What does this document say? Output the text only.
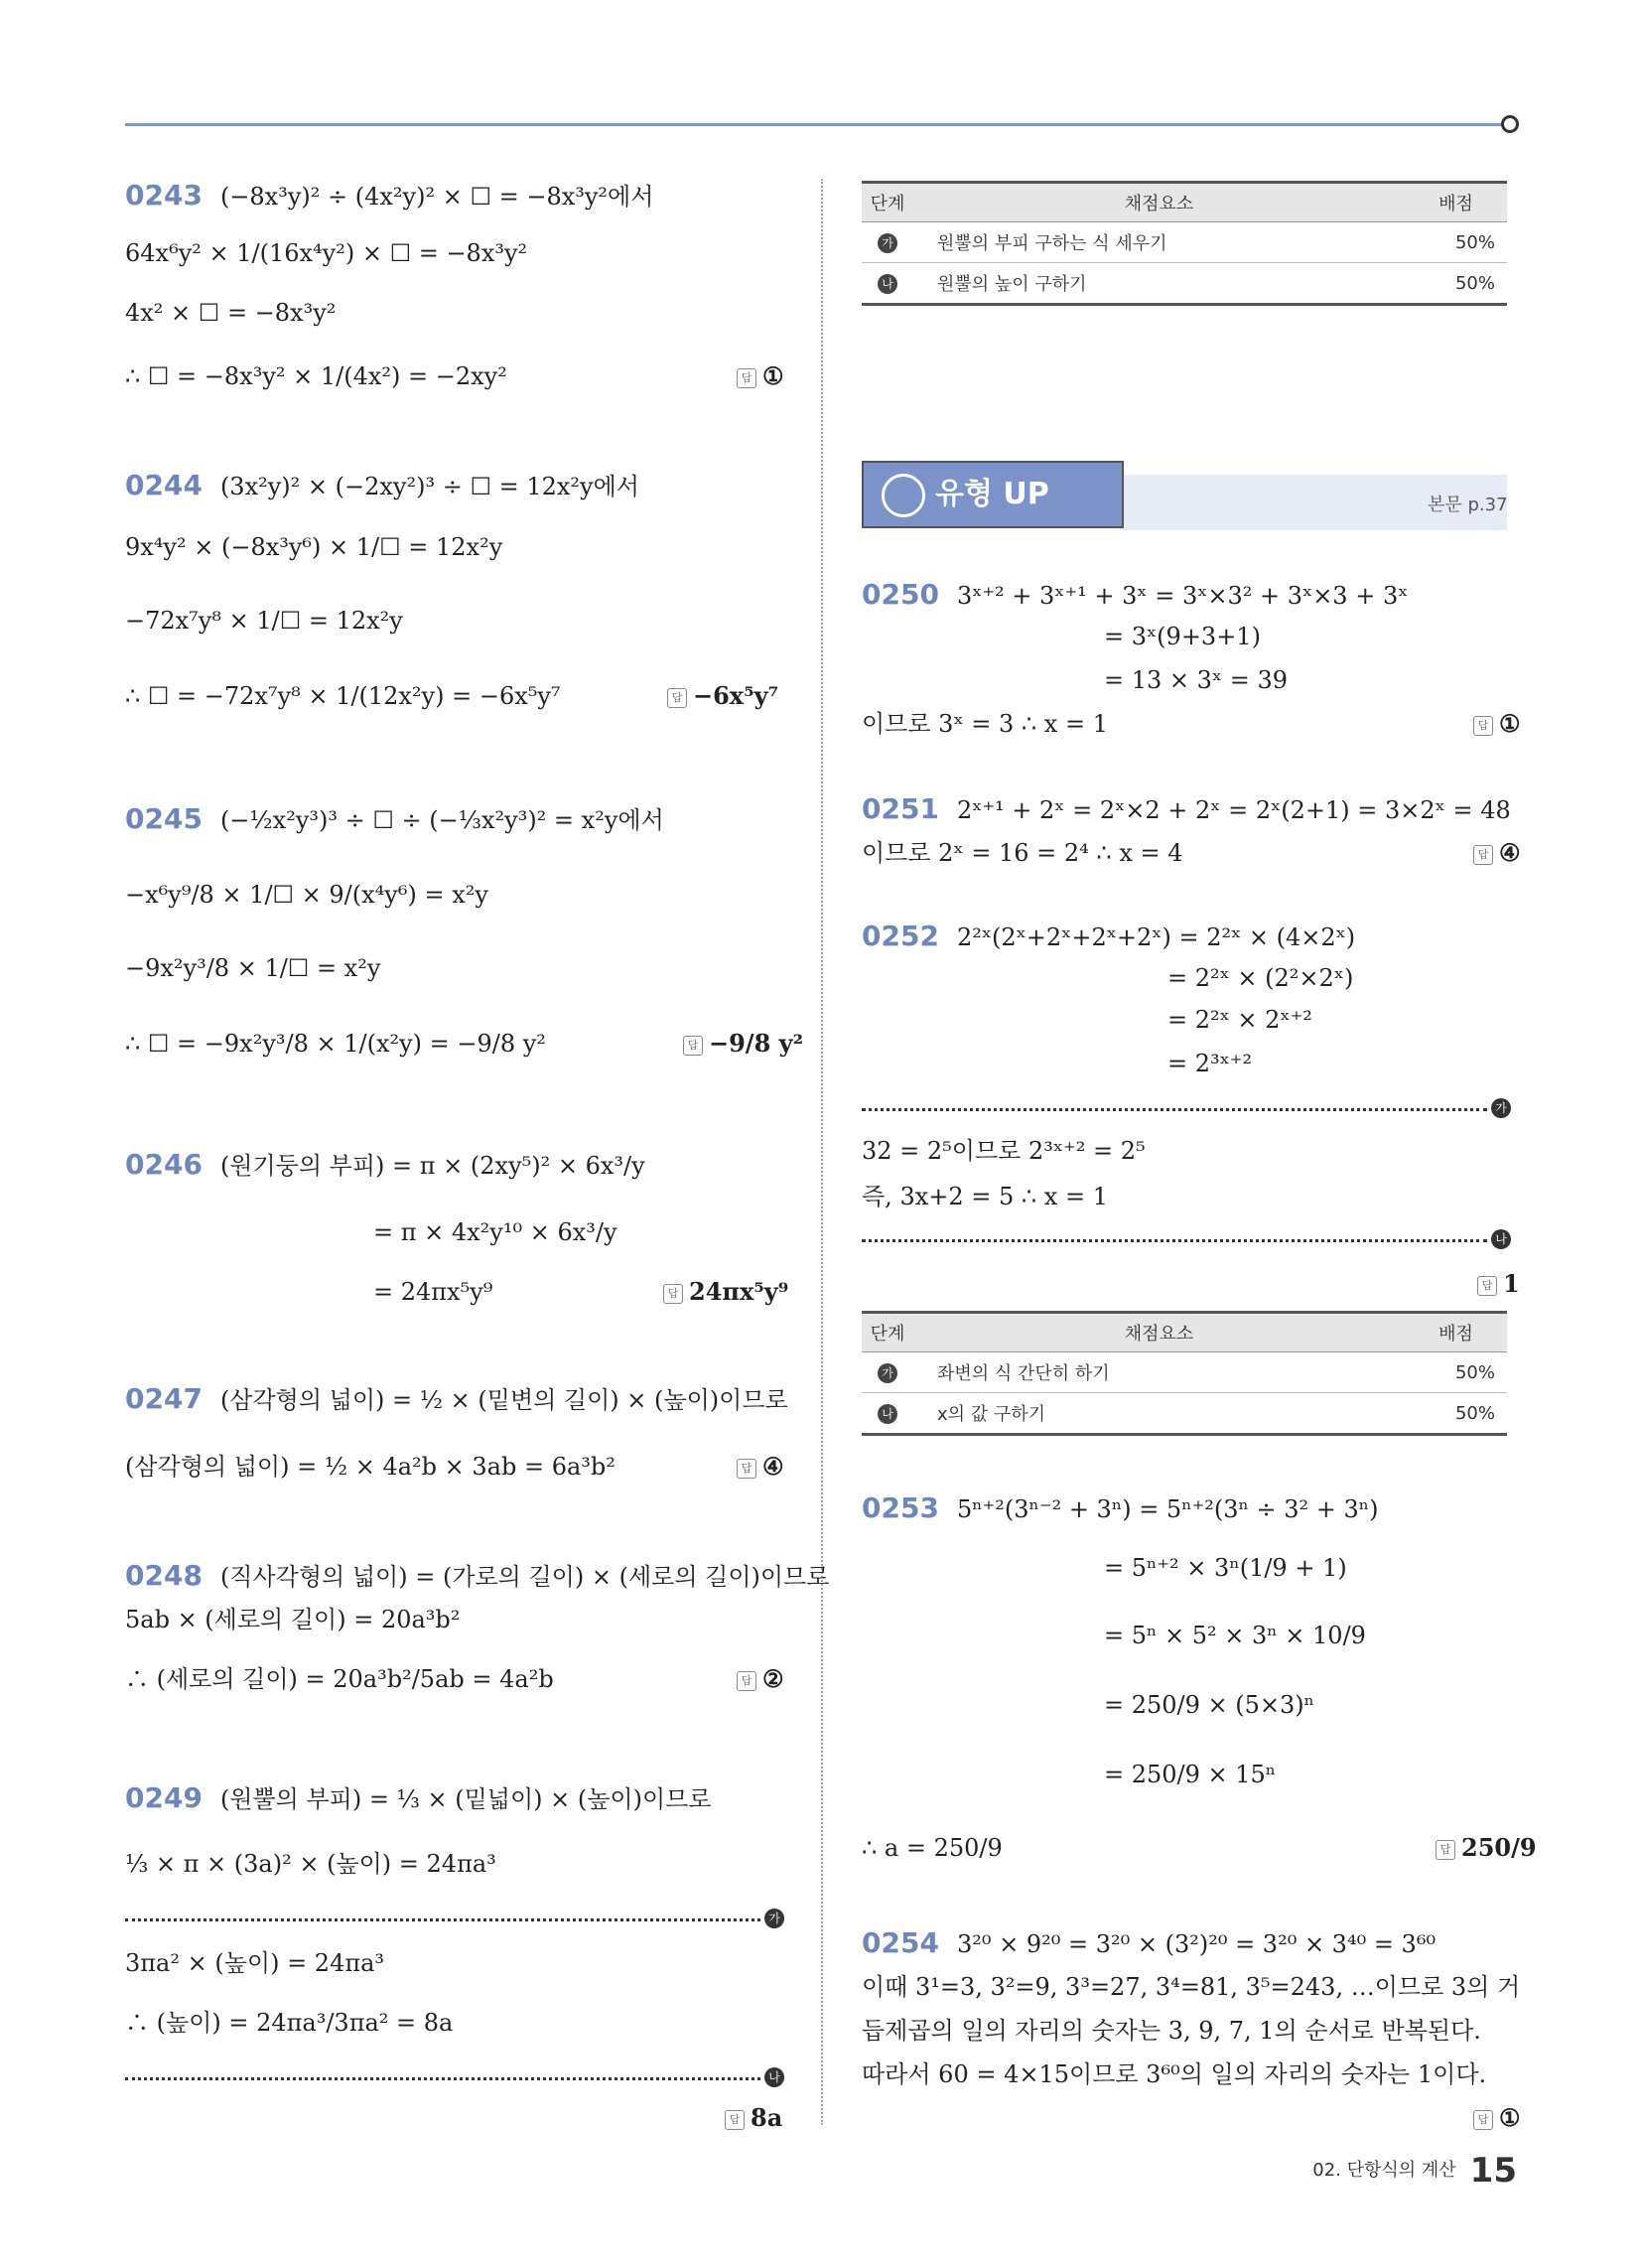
0243 (−8x³y)² ÷ (4x²y)² × ☐ = −8x³y²에서
64x⁶y² × 1/(16x⁴y²) × ☐ = −8x³y²
4x² × ☐ = −8x³y²
∴ ☐ = −8x³y² × 1/(4x²) = −2xy²	답 ①
0244 (3x²y)² × (−2xy²)³ ÷ ☐ = 12x²y에서
9x⁴y² × (−8x³y⁶) × 1/☐ = 12x²y
−72x⁷y⁸ × 1/☐ = 12x²y
∴ ☐ = −72x⁷y⁸ × 1/(12x²y) = −6x⁵y⁷	답 −6x⁵y⁷
0245 (−½x²y³)³ ÷ ☐ ÷ (−⅓x²y³)² = x²y에서
−x⁶y⁹/8 × 1/☐ × 9/(x⁴y⁶) = x²y
−9x²y³/8 × 1/☐ = x²y
∴ ☐ = −9x²y³/8 × 1/(x²y) = −9/8 y²	답 −9/8 y²
0246 (원기둥의 부피) = π × (2xy⁵)² × 6x³/y
= π × 4x²y¹⁰ × 6x³/y
= 24πx⁵y⁹	답 24πx⁵y⁹
0247 (삼각형의 넓이) = ½ × (밑변의 길이) × (높이)이므로
(삼각형의 넓이) = ½ × 4a²b × 3ab = 6a³b²	답 ④
0248 (직사각형의 넓이) = (가로의 길이) × (세로의 길이)이므로
5ab × (세로의 길이) = 20a³b²
∴ (세로의 길이) = 20a³b²/5ab = 4a²b	답 ②
0249 (원뿔의 부피) = ⅓ × (밑넓이) × (높이)이므로
⅓ × π × (3a)² × (높이) = 24πa³
가
3πa² × (높이) = 24πa³
∴ (높이) = 24πa³/3πa² = 8a
나
답 8a
단계	채점요소	배점
가	원뿔의 부피 구하는 식 세우기	50%
나	원뿔의 높이 구하기	50%
유형 UP	본문 p.37
0250 3ˣ⁺² + 3ˣ⁺¹ + 3ˣ = 3ˣ×3² + 3ˣ×3 + 3ˣ
= 3ˣ(9+3+1)
= 13 × 3ˣ = 39
이므로 3ˣ = 3 ∴ x = 1	답 ①
0251 2ˣ⁺¹ + 2ˣ = 2ˣ×2 + 2ˣ = 2ˣ(2+1) = 3×2ˣ = 48
이므로 2ˣ = 16 = 2⁴ ∴ x = 4	답 ④
0252 2²ˣ(2ˣ+2ˣ+2ˣ+2ˣ) = 2²ˣ × (4×2ˣ)
= 2²ˣ × (2²×2ˣ)
= 2²ˣ × 2ˣ⁺²
= 2³ˣ⁺²
가
32 = 2⁵이므로 2³ˣ⁺² = 2⁵
즉, 3x+2 = 5 ∴ x = 1
나
답 1
단계	채점요소	배점
가	좌변의 식 간단히 하기	50%
나	x의 값 구하기	50%
0253 5ⁿ⁺²(3ⁿ⁻² + 3ⁿ) = 5ⁿ⁺²(3ⁿ ÷ 3² + 3ⁿ)
= 5ⁿ⁺² × 3ⁿ(1/9 + 1)
= 5ⁿ × 5² × 3ⁿ × 10/9
= 250/9 × (5×3)ⁿ
= 250/9 × 15ⁿ
∴ a = 250/9	답 250/9
0254 3²⁰ × 9²⁰ = 3²⁰ × (3²)²⁰ = 3²⁰ × 3⁴⁰ = 3⁶⁰
이때 3¹=3, 3²=9, 3³=27, 3⁴=81, 3⁵=243, …이므로 3의 거
듭제곱의 일의 자리의 숫자는 3, 9, 7, 1의 순서로 반복된다.
따라서 60 = 4×15이므로 3⁶⁰의 일의 자리의 숫자는 1이다.
답 ①
02. 단항식의 계산 15
